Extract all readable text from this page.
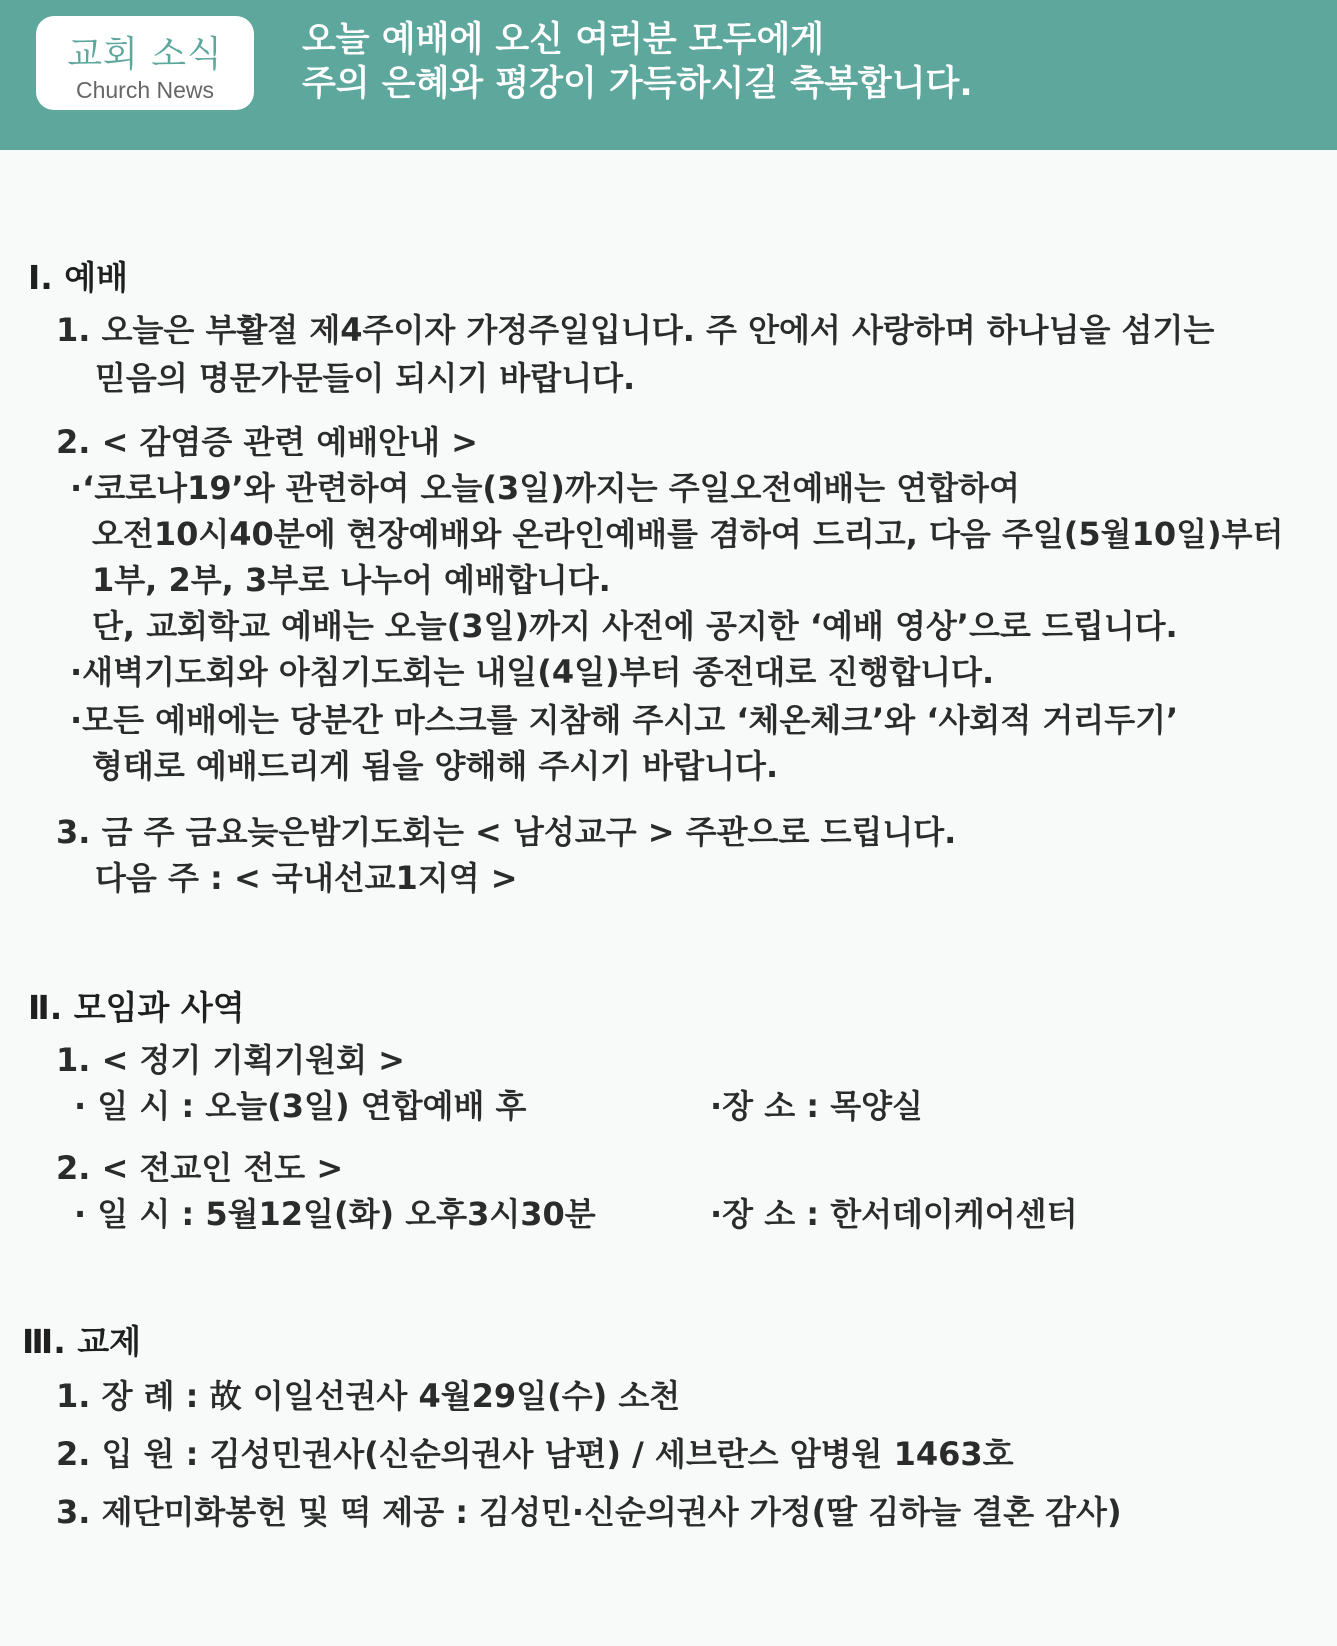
교회 소식
Church News
오늘 예배에 오신 여러분 모두에게
주의 은혜와 평강이 가득하시길 축복합니다.
Ⅰ. 예배
1. 오늘은 부활절 제4주이자 가정주일입니다. 주 안에서 사랑하며 하나님을 섬기는
믿음의 명문가문들이 되시기 바랍니다.
2. < 감염증 관련 예배안내 >
·‘코로나19’와 관련하여 오늘(3일)까지는 주일오전예배는 연합하여
오전10시40분에 현장예배와 온라인예배를 겸하여 드리고, 다음 주일(5월10일)부터
1부, 2부, 3부로 나누어 예배합니다.
단, 교회학교 예배는 오늘(3일)까지 사전에 공지한 ‘예배 영상’으로 드립니다.
·새벽기도회와 아침기도회는 내일(4일)부터 종전대로 진행합니다.
·모든 예배에는 당분간 마스크를 지참해 주시고 ‘체온체크’와 ‘사회적 거리두기’
형태로 예배드리게 됨을 양해해 주시기 바랍니다.
3. 금 주 금요늦은밤기도회는 < 남성교구 > 주관으로 드립니다.
다음 주 : < 국내선교1지역 >
Ⅱ. 모임과 사역
1. < 정기 기획기원회 >
· 일 시 : 오늘(3일) 연합예배 후	·장 소 : 목양실
2. < 전교인 전도 >
· 일 시 : 5월12일(화) 오후3시30분	·장 소 : 한서데이케어센터
Ⅲ. 교제
1. 장 례 : 故 이일선권사 4월29일(수) 소천
2. 입 원 : 김성민권사(신순의권사 남편) / 세브란스 암병원 1463호
3. 제단미화봉헌 및 떡 제공 : 김성민·신순의권사 가정(딸 김하늘 결혼 감사)
